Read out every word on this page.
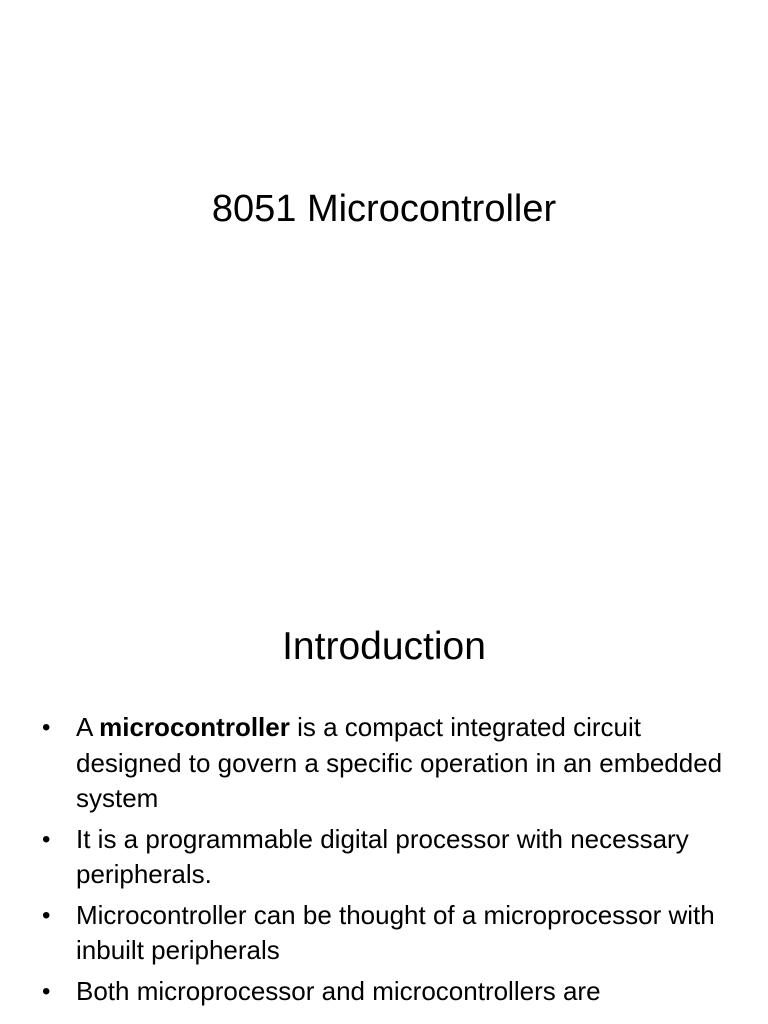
8051 Microcontroller
Introduction
• A microcontroller is a compact integrated circuit designed to govern a specific operation in an embedded system
• It is a programmable digital processor with necessary peripherals.
• Microcontroller can be thought of a microprocessor with inbuilt peripherals
• Both microprocessor and microcontrollers are
